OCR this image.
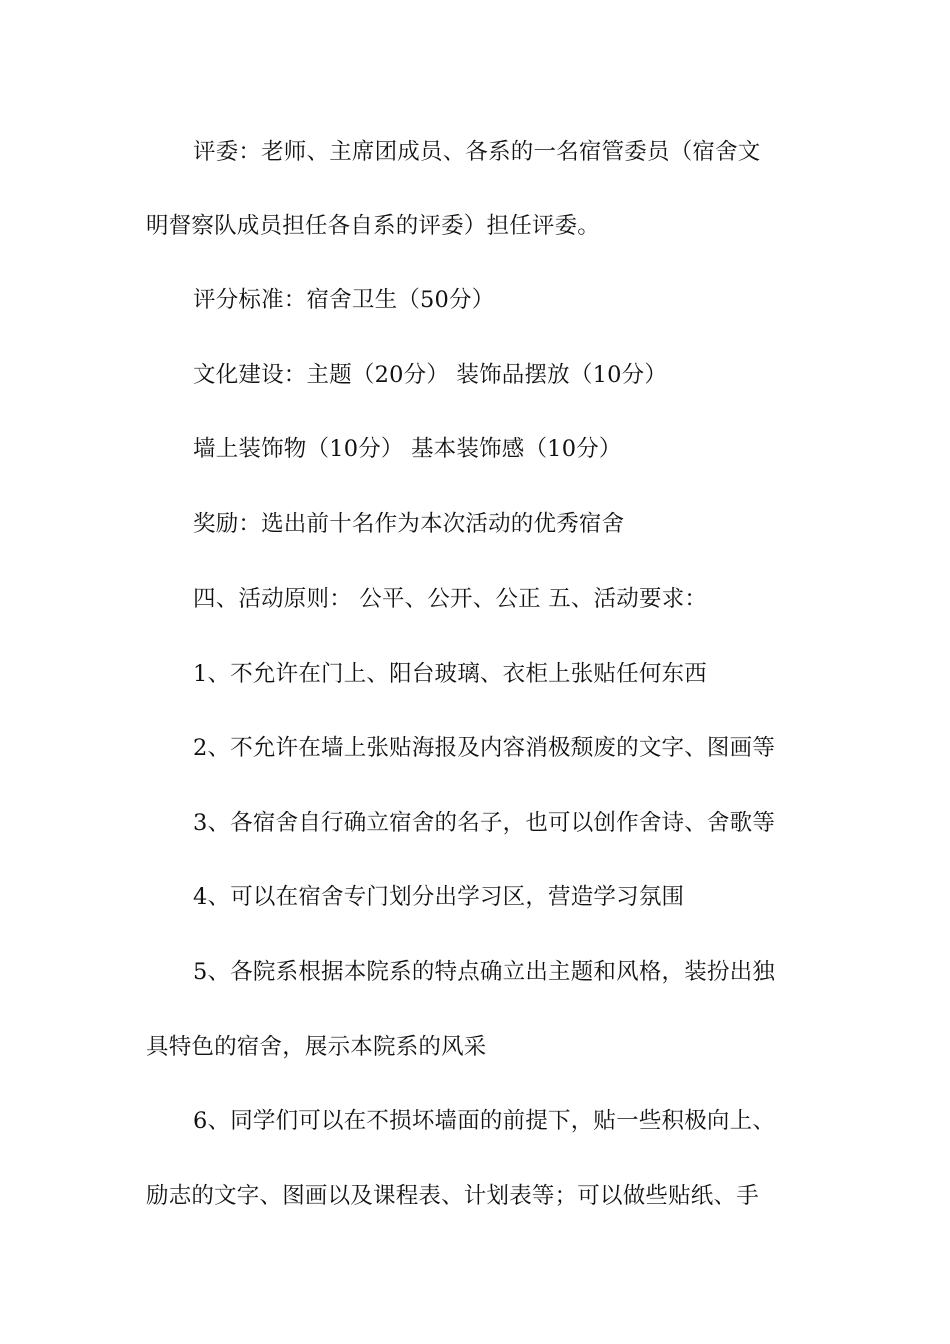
评委：老师、主席团成员、各系的一名宿管委员（宿舍文
明督察队成员担任各自系的评委）担任评委。
评分标准：宿舍卫生（50分）
文化建设：主题（20分） 装饰品摆放（10分）
墙上装饰物（10分） 基本装饰感（10分）
奖励：选出前十名作为本次活动的优秀宿舍
四、活动原则： 公平、公开、公正 五、活动要求：
1、不允许在门上、阳台玻璃、衣柜上张贴任何东西
2、不允许在墙上张贴海报及内容消极颓废的文字、图画等
3、各宿舍自行确立宿舍的名子，也可以创作舍诗、舍歌等
4、可以在宿舍专门划分出学习区，营造学习氛围
5、各院系根据本院系的特点确立出主题和风格，装扮出独
具特色的宿舍，展示本院系的风采
6、同学们可以在不损坏墙面的前提下，贴一些积极向上、
励志的文字、图画以及课程表、计划表等；可以做些贴纸、手
